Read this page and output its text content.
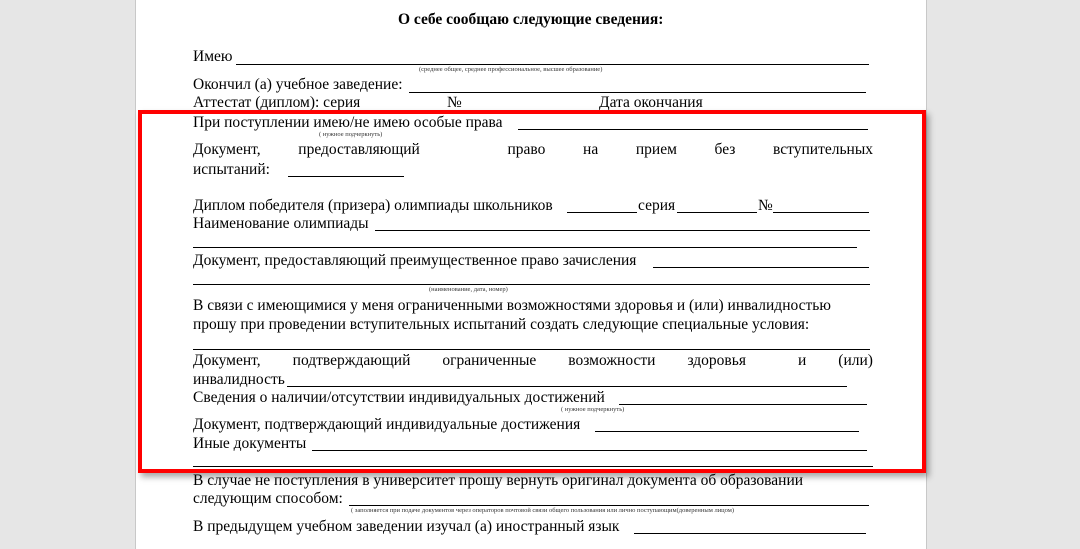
О себе сообщаю следующие сведения:
Имею
(среднее общее, среднее профессиональное, высшее образование)
Окончил (а) учебное заведение:
Аттестат (диплом): серия	№	Дата окончания
При поступлении имею/не имею особые права
( нужное подчеркнуть)
Документ, предоставляющий	право на прием без вступительных
испытаний:
Диплом победителя (призера) олимпиады школьников	серия	№
Наименование олимпиады
Документ, предоставляющий преимущественное право зачисления
(наименование, дата, номер)
В связи с имеющимися у меня ограниченными возможностями здоровья и (или) инвалидностью
прошу при проведении вступительных испытаний создать следующие специальные условия:
Документ, подтверждающий ограниченные возможности здоровья	и (или)
инвалидность
Сведения о наличии/отсутствии индивидуальных достижений
( нужное подчеркнуть)
Документ, подтверждающий индивидуальные достижения
Иные документы
В случае не поступления в университет прошу вернуть оригинал документа об образовании
следующим способом:
( заполняется при подаче документов через операторов почтовой связи общего пользования или лично поступающим(доверенным лицом)
В предыдущем учебном заведении изучал (а) иностранный язык
